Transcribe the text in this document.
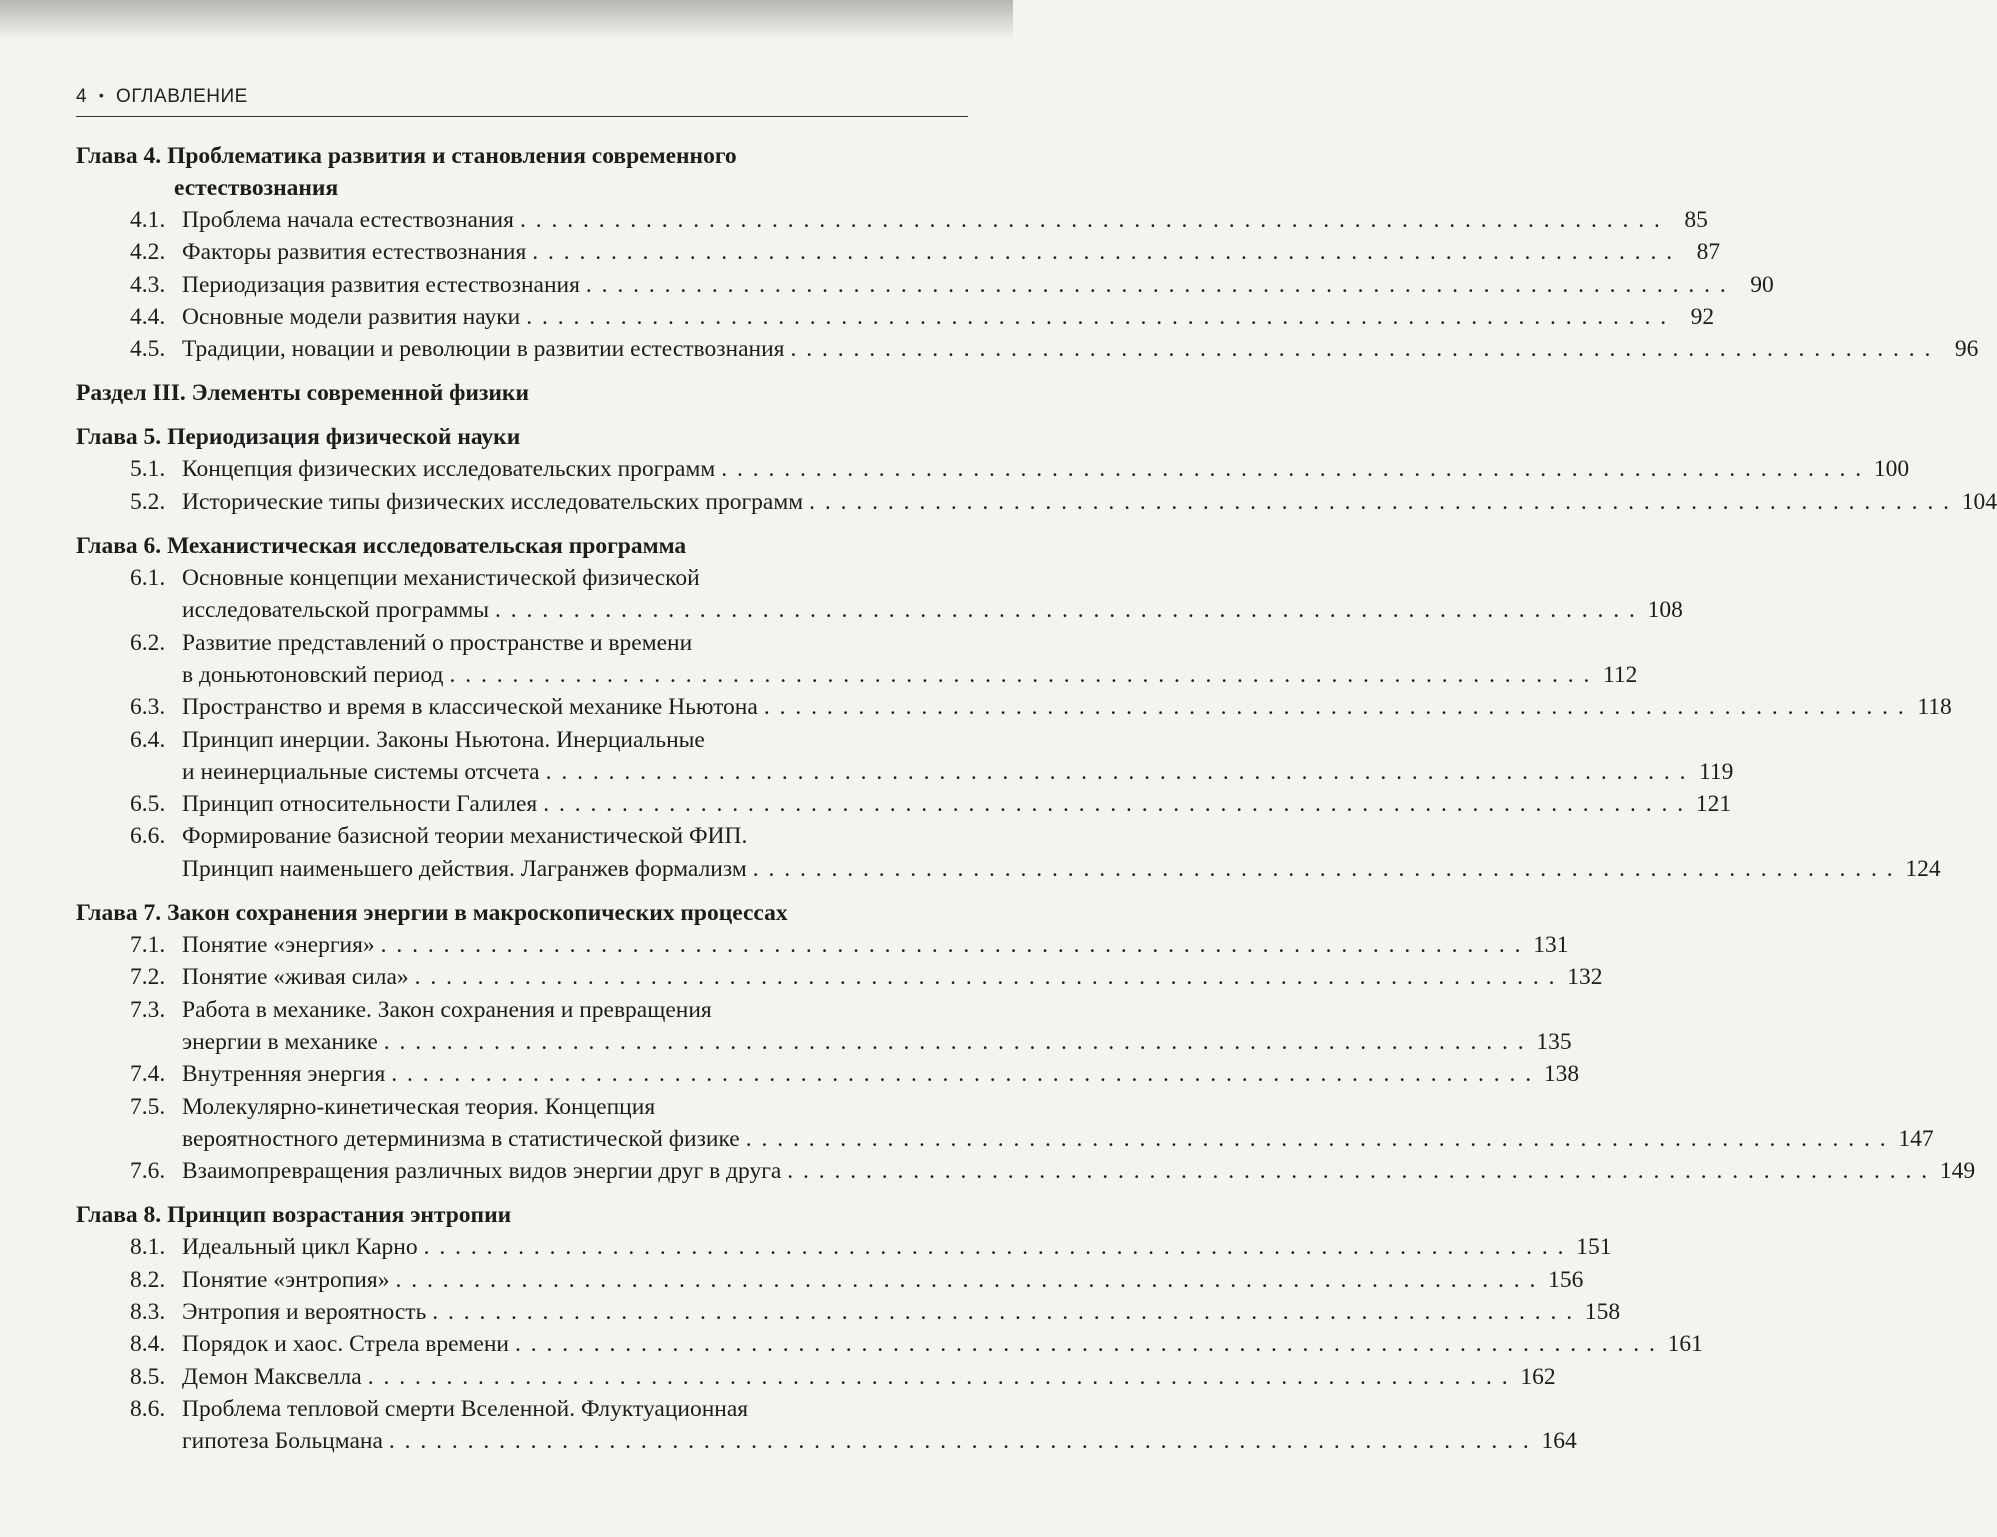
4 • ОГЛАВЛЕНИЕ
Глава 4. Проблематика развития и становления современного
естествознания
4.1. Проблема начала естествознания . . .	85
4.2. Факторы развития естествознания . . .	87
4.3. Периодизация развития естествознания . . .	90
4.4. Основные модели развития науки . . .	92
4.5. Традиции, новации и революции в развитии естествознания . . .	96
Раздел III. Элементы современной физики
Глава 5. Периодизация физической науки
5.1. Концепция физических исследовательских программ . . .	100
5.2. Исторические типы физических исследовательских программ . . .	104
Глава 6. Механистическая исследовательская программа
6.1. Основные концепции механистической физической
исследовательской программы . . .	108
6.2. Развитие представлений о пространстве и времени
в доньютоновский период . . .	112
6.3. Пространство и время в классической механике Ньютона . . .	118
6.4. Принцип инерции. Законы Ньютона. Инерциальные
и неинерциальные системы отсчета . . .	119
6.5. Принцип относительности Галилея . . .	121
6.6. Формирование базисной теории механистической ФИП.
Принцип наименьшего действия. Лагранжев формализм . . .	124
Глава 7. Закон сохранения энергии в макроскопических процессах
7.1. Понятие «энергия» . . .	131
7.2. Понятие «живая сила» . . .	132
7.3. Работа в механике. Закон сохранения и превращения
энергии в механике . . .	135
7.4. Внутренняя энергия . . .	138
7.5. Молекулярно-кинетическая теория. Концепция
вероятностного детерминизма в статистической физике . . .	147
7.6. Взаимопревращения различных видов энергии друг в друга . . .	149
Глава 8. Принцип возрастания энтропии
8.1. Идеальный цикл Карно . . .	151
8.2. Понятие «энтропия» . . .	156
8.3. Энтропия и вероятность . . .	158
8.4. Порядок и хаос. Стрела времени . . .	161
8.5. Демон Максвелла . . .	162
8.6. Проблема тепловой смерти Вселенной. Флуктуационная
гипотеза Больцмана . . .	164
